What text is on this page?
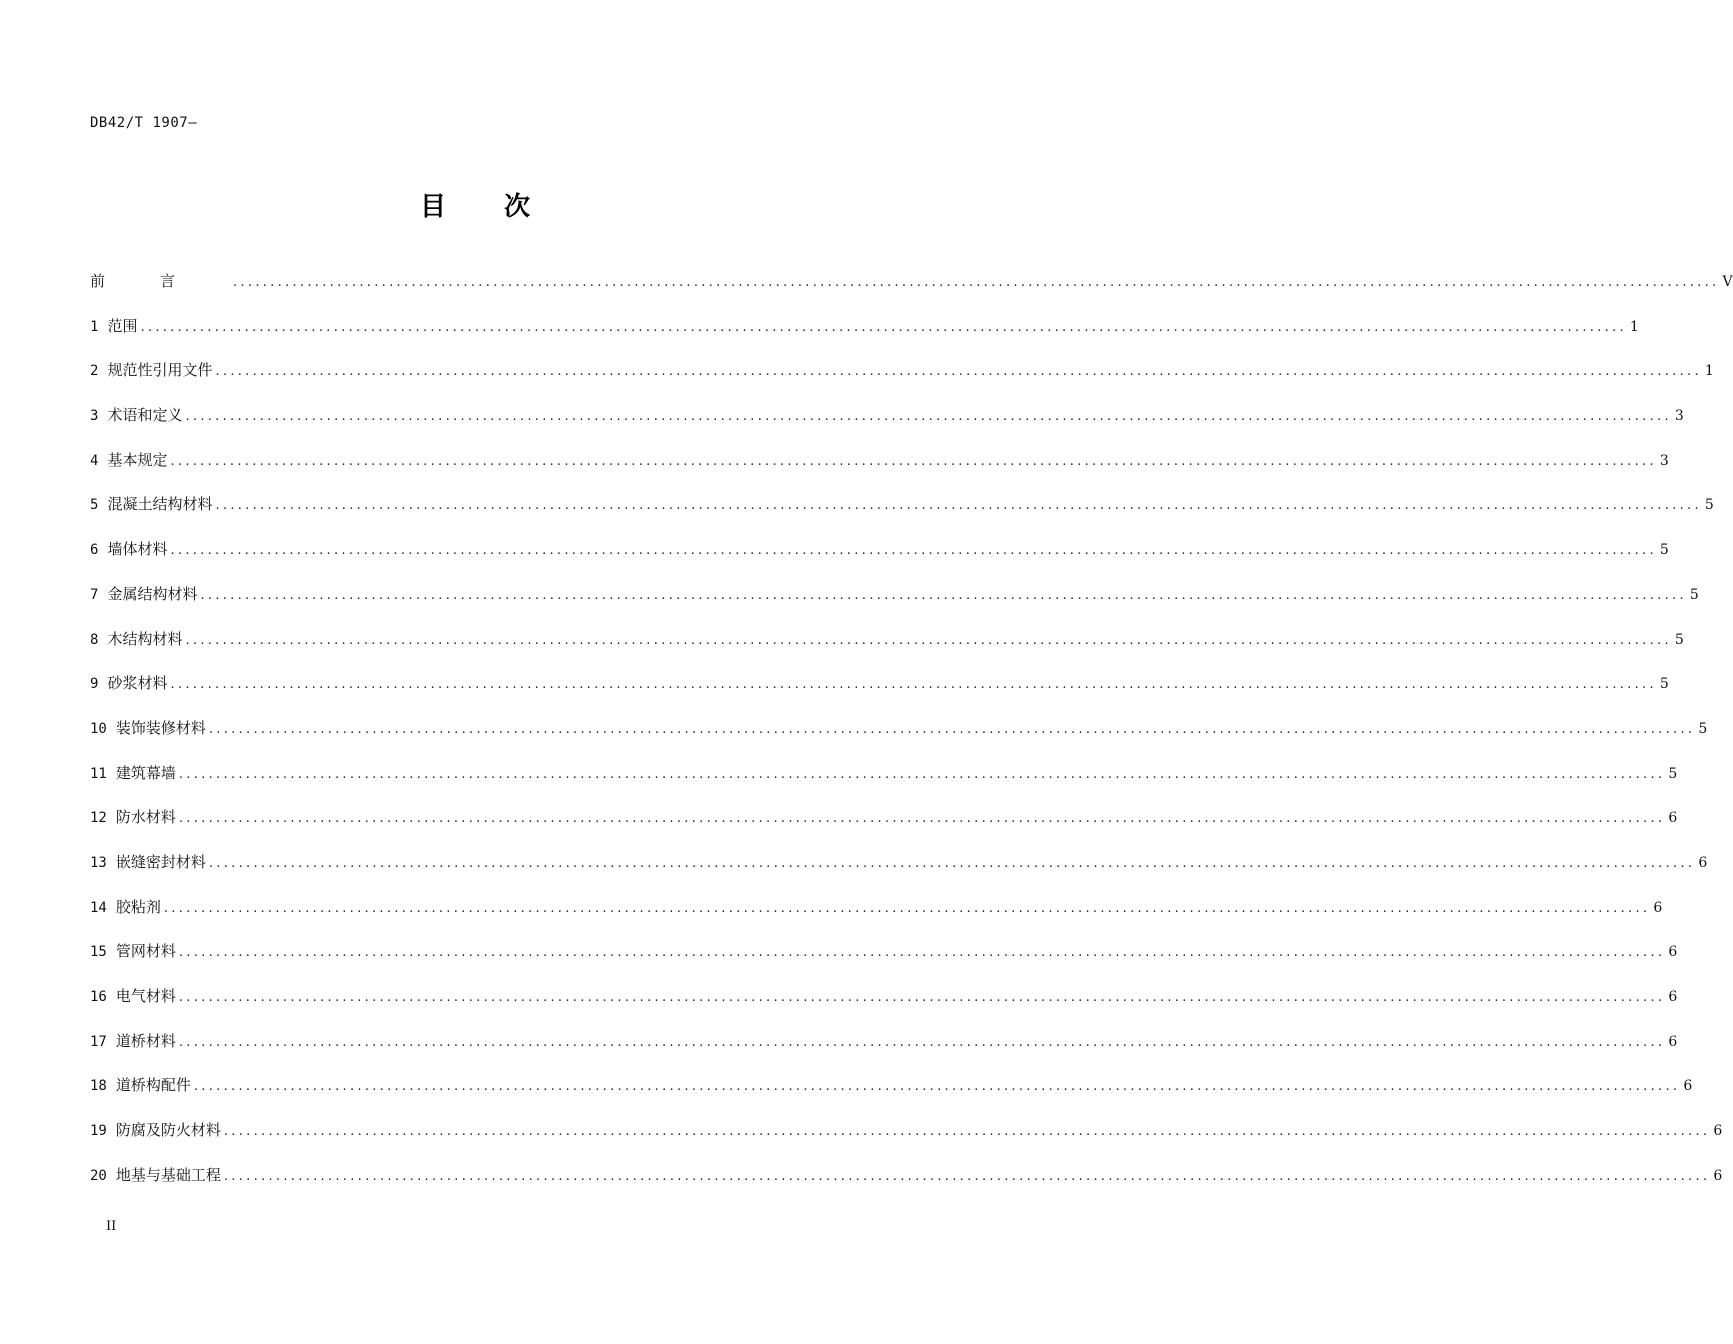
DB42/T 1907—
目 次
前言 ........................................................................................................................................................................................................ V
1 范围 ........................................................................................................................................................................................................ 1
2 规范性引用文件 ........................................................................................................................................................................................................ 1
3 术语和定义 ........................................................................................................................................................................................................ 3
4 基本规定 ........................................................................................................................................................................................................ 3
5 混凝土结构材料 ........................................................................................................................................................................................................ 5
6 墙体材料 ........................................................................................................................................................................................................ 5
7 金属结构材料 ........................................................................................................................................................................................................ 5
8 木结构材料 ........................................................................................................................................................................................................ 5
9 砂浆材料 ........................................................................................................................................................................................................ 5
10 装饰装修材料 ........................................................................................................................................................................................................ 5
11 建筑幕墙 ........................................................................................................................................................................................................ 5
12 防水材料 ........................................................................................................................................................................................................ 6
13 嵌缝密封材料 ........................................................................................................................................................................................................ 6
14 胶粘剂 ........................................................................................................................................................................................................ 6
15 管网材料 ........................................................................................................................................................................................................ 6
16 电气材料 ........................................................................................................................................................................................................ 6
17 道桥材料 ........................................................................................................................................................................................................ 6
18 道桥构配件 ........................................................................................................................................................................................................ 6
19 防腐及防火材料 ........................................................................................................................................................................................................ 6
20 地基与基础工程 ........................................................................................................................................................................................................ 6
II
